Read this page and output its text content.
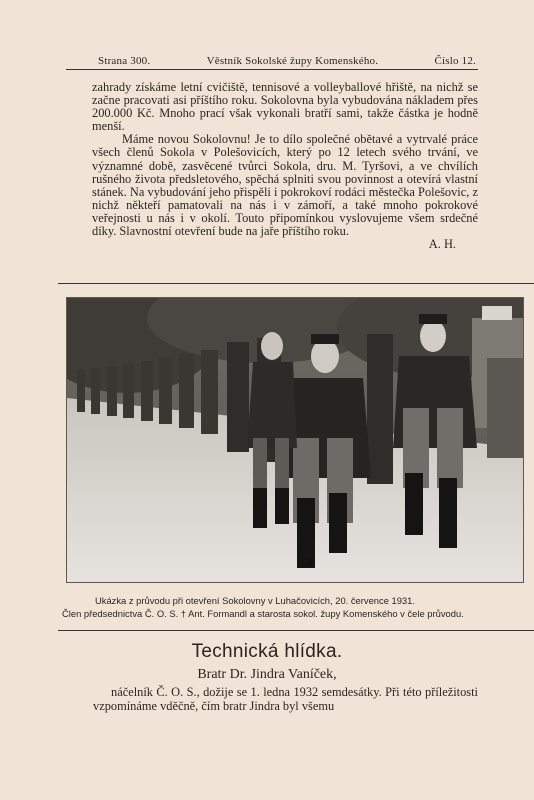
Strana 300.	Věstník Sokolské župy Komenského.	Číslo 12.

zahrady získáme letní cvičiště, tennisové a volleyballové hřiště, na nichž se začne pracovati asi příštího roku. Sokolovna byla vybudována nákladem přes 200.000 Kč. Mnoho prací však vykonali bratří sami, takže částka je hodně menší.

Máme novou Sokolovnu! Je to dílo společné obětavé a vytrvalé práce všech členů Sokola v Polešovicích, který po 12 letech svého trvání, ve významné době, zasvěcené tvůrci Sokola, dru. M. Tyršovi, a ve chvílích rušného života předsletového, spěchá splniti svou povinnost a otevírá vlastní stánek. Na vybudování jeho přispěli i pokrokoví rodáci městečka Polešovic, z nichž někteří pamatovali na nás i v zámoří, a také mnoho pokrokové veřejnosti u nás i v okolí. Touto připomínkou vyslovujeme všem srdečné díky. Slavnostní otevření bude na jaře příštího roku.

A. H.

×
Ukázka z průvodu při otevření Sokolovny v Luhačovicích, 20. července 1931.
Člen předsednictva Č. O. S. † Ant. Formandl a starosta sokol. župy Komenského v čele průvodu.
Technická hlídka.
Bratr Dr. Jindra Vaníček,

náčelník Č. O. S., dožije se 1. ledna 1932 semdesátky. Při této příležitosti vzpomínáme vděčně, čím bratr Jindra byl všemu
